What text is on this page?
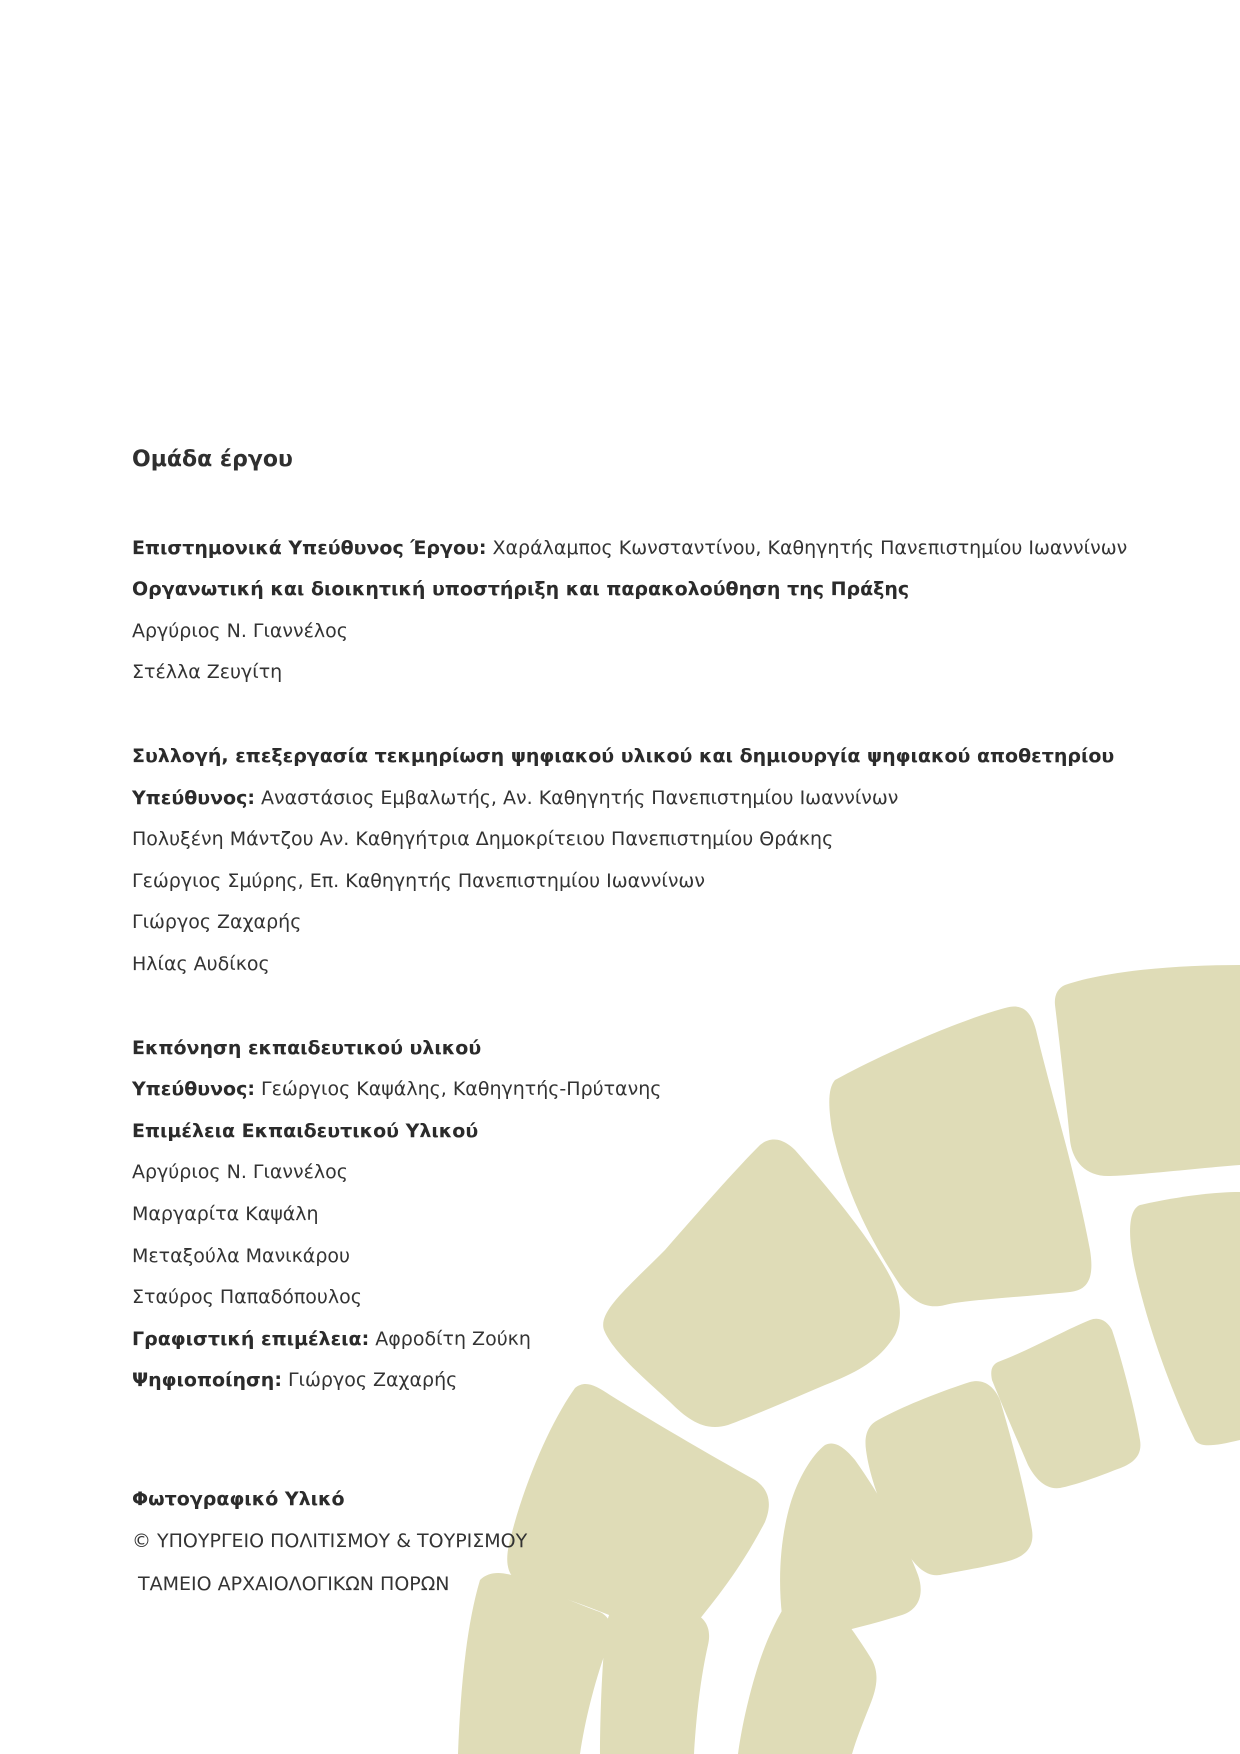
Ομάδα έργου
Επιστημονικά Υπεύθυνος Έργου: Χαράλαμπος Κωνσταντίνου, Καθηγητής Πανεπιστημίου Ιωαννίνων
Οργανωτική και διοικητική υποστήριξη και παρακολούθηση της Πράξης
Αργύριος Ν. Γιαννέλος
Στέλλα Ζευγίτη
Συλλογή, επεξεργασία τεκμηρίωση ψηφιακού υλικού και δημιουργία ψηφιακού αποθετηρίου
Υπεύθυνος: Αναστάσιος Εμβαλωτής, Αν. Καθηγητής Πανεπιστημίου Ιωαννίνων
Πολυξένη Μάντζου Αν. Καθηγήτρια Δημοκρίτειου Πανεπιστημίου Θράκης
Γεώργιος Σμύρης, Επ. Καθηγητής Πανεπιστημίου Ιωαννίνων
Γιώργος Ζαχαρής
Ηλίας Αυδίκος
Εκπόνηση εκπαιδευτικού υλικού
Υπεύθυνος: Γεώργιος Καψάλης, Καθηγητής-Πρύτανης
Επιμέλεια Εκπαιδευτικού Υλικού
Αργύριος Ν. Γιαννέλος
Μαργαρίτα Καψάλη
Μεταξούλα Μανικάρου
Σταύρος Παπαδόπουλος
Γραφιστική επιμέλεια: Αφροδίτη Ζούκη
Ψηφιοποίηση: Γιώργος Ζαχαρής
Φωτογραφικό Υλικό
© ΥΠΟΥΡΓΕΙΟ ΠΟΛΙΤΙΣΜΟΥ & ΤΟΥΡΙΣΜΟΥ
ΤΑΜΕΙΟ ΑΡΧΑΙΟΛΟΓΙΚΩΝ ΠΟΡΩΝ
